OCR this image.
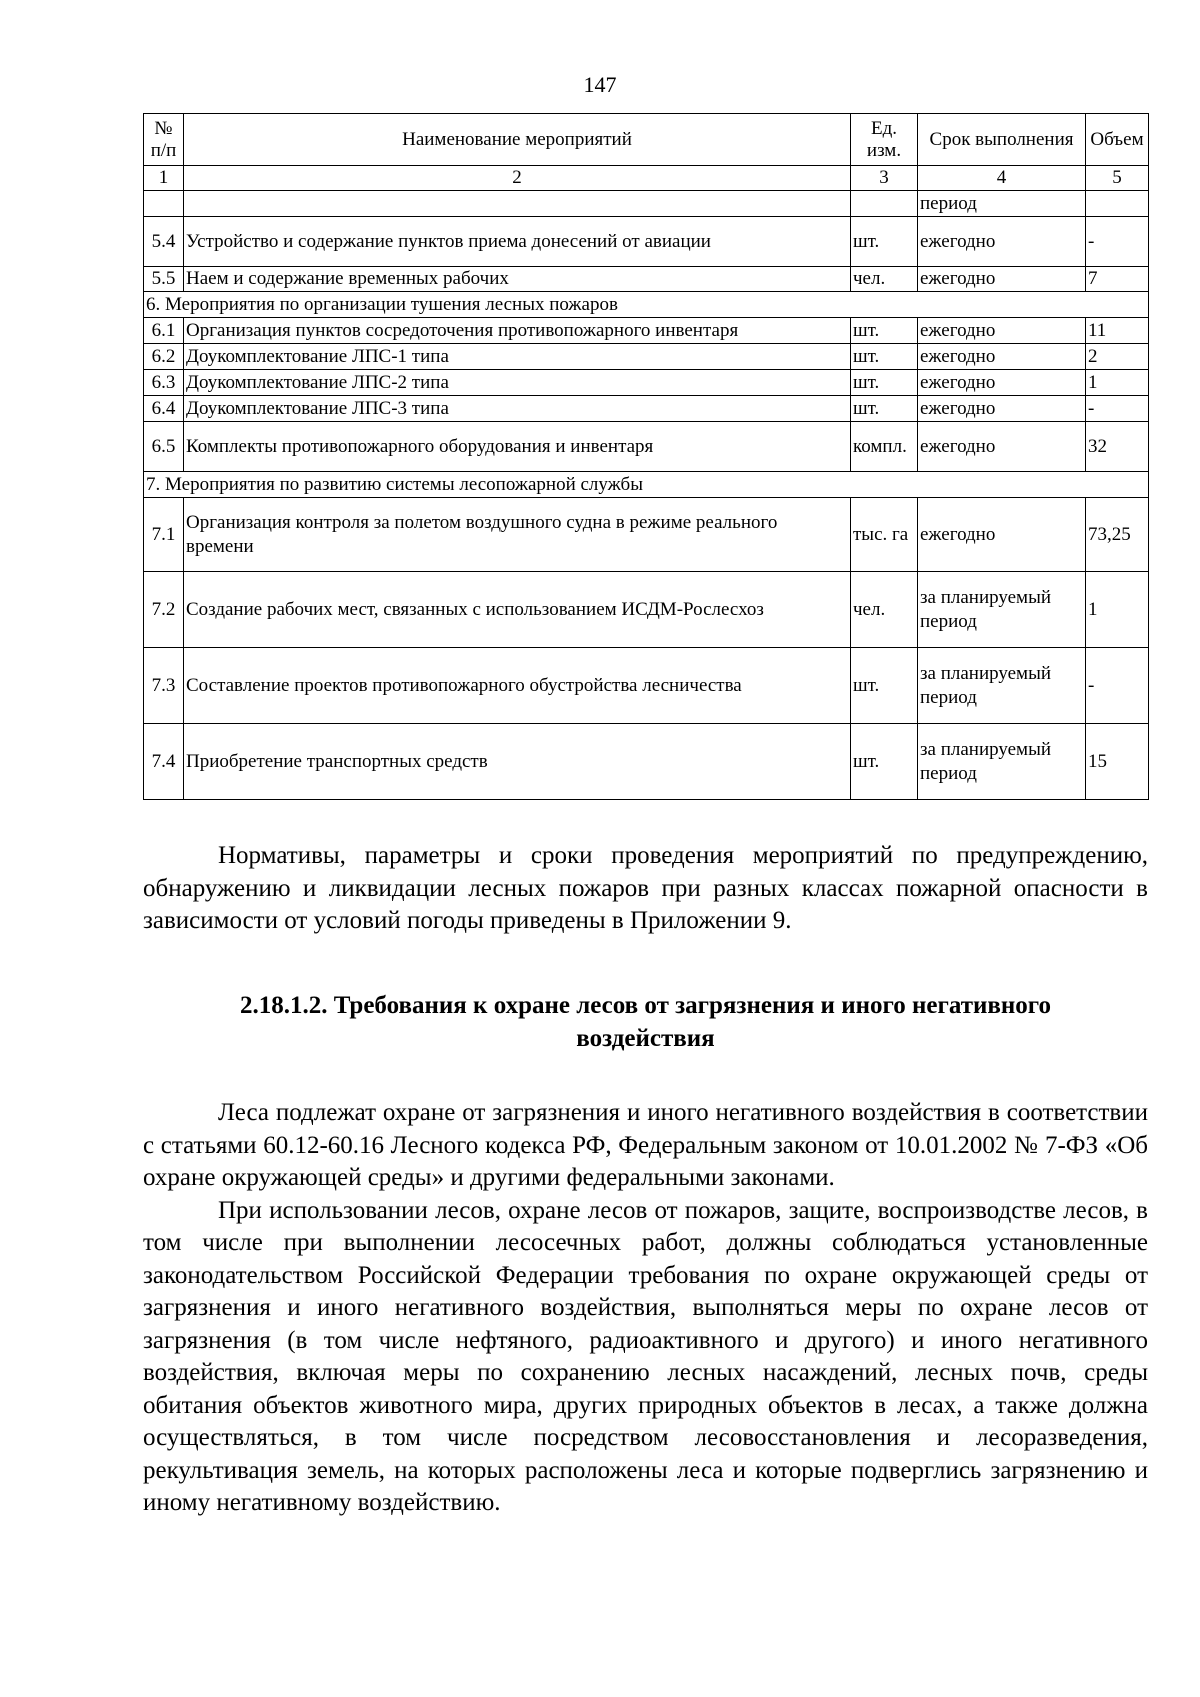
147
№ п/п	Наименование мероприятий	Ед. изм.	Срок выполнения	Объем
1	2	3	4	5
			период	
5.4	Устройство и содержание пунктов приема донесений от авиации	шт.	ежегодно	-
5.5	Наем и содержание временных рабочих	чел.	ежегодно	7
6. Мероприятия по организации тушения лесных пожаров				
6.1	Организация пунктов сосредоточения противопожарного инвентаря	шт.	ежегодно	11
6.2	Доукомплектование ЛПС-1 типа	шт.	ежегодно	2
6.3	Доукомплектование ЛПС-2 типа	шт.	ежегодно	1
6.4	Доукомплектование ЛПС-3 типа	шт.	ежегодно	-
6.5	Комплекты противопожарного оборудования и инвентаря	компл.	ежегодно	32
7. Мероприятия по развитию системы лесопожарной службы				
7.1	Организация контроля за полетом воздушного судна в режиме реального времени	тыс. га	ежегодно	73,25
7.2	Создание рабочих мест, связанных с использованием ИСДМ-Рослесхоз	чел.	за планируемый период	1
7.3	Составление проектов противопожарного обустройства лесничества	шт.	за планируемый период	-
7.4	Приобретение транспортных средств	шт.	за планируемый период	15

Нормативы, параметры и сроки проведения мероприятий по предупреждению, обнаружению и ликвидации лесных пожаров при разных классах пожарной опасности в зависимости от условий погоды приведены в Приложении 9.

2.18.1.2. Требования к охране лесов от загрязнения и иного негативного
воздействия

Леса подлежат охране от загрязнения и иного негативного воздействия в соответствии с статьями 60.12-60.16 Лесного кодекса РФ, Федеральным законом от 10.01.2002 № 7-ФЗ «Об охране окружающей среды» и другими федеральными законами.

При использовании лесов, охране лесов от пожаров, защите, воспроизводстве лесов, в том числе при выполнении лесосечных работ, должны соблюдаться установленные законодательством Российской Федерации требования по охране окружающей среды от загрязнения и иного негативного воздействия, выполняться меры по охране лесов от загрязнения (в том числе нефтяного, радиоактивного и другого) и иного негативного воздействия, включая меры по сохранению лесных насаждений, лесных почв, среды обитания объектов животного мира, других природных объектов в лесах, а также должна осуществляться, в том числе посредством лесовосстановления и лесоразведения, рекультивация земель, на которых расположены леса и которые подверглись загрязнению и иному негативному воздействию.
